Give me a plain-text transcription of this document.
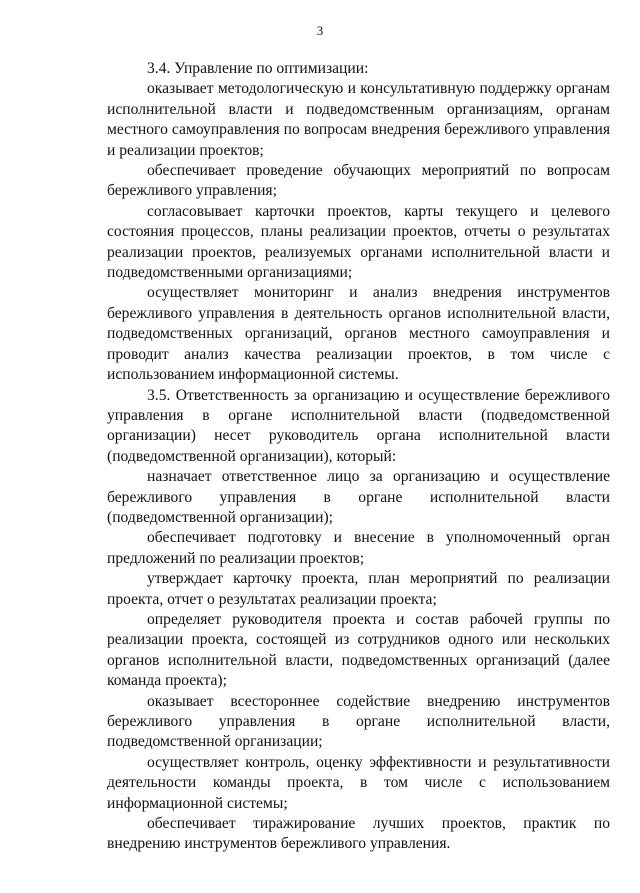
3

3.4. Управление по оптимизации:

оказывает методологическую и консультативную поддержку органам исполнительной власти и подведомственным организациям, органам местного самоуправления по вопросам внедрения бережливого управления и реализации проектов;

обеспечивает проведение обучающих мероприятий по вопросам бережливого управления;

согласовывает карточки проектов, карты текущего и целевого состояния процессов, планы реализации проектов, отчеты о результатах реализации проектов, реализуемых органами исполнительной власти и подведомственными организациями;

осуществляет мониторинг и анализ внедрения инструментов бережливого управления в деятельность органов исполнительной власти, подведомственных организаций, органов местного самоуправления и проводит анализ качества реализации проектов, в том числе с использованием информационной системы.

3.5. Ответственность за организацию и осуществление бережливого управления в органе исполнительной власти (подведомственной организации) несет руководитель органа исполнительной власти (подведомственной организации), который:

назначает ответственное лицо за организацию и осуществление бережливого управления в органе исполнительной власти (подведомственной организации);

обеспечивает подготовку и внесение в уполномоченный орган предложений по реализации проектов;

утверждает карточку проекта, план мероприятий по реализации проекта, отчет о результатах реализации проекта;

определяет руководителя проекта и состав рабочей группы по реализации проекта, состоящей из сотрудников одного или нескольких органов исполнительной власти, подведомственных организаций (далее команда проекта);

оказывает всестороннее содействие внедрению инструментов бережливого управления в органе исполнительной власти, подведомственной организации;

осуществляет контроль, оценку эффективности и результативности деятельности команды проекта, в том числе с использованием информационной системы;

обеспечивает тиражирование лучших проектов, практик по внедрению инструментов бережливого управления.
